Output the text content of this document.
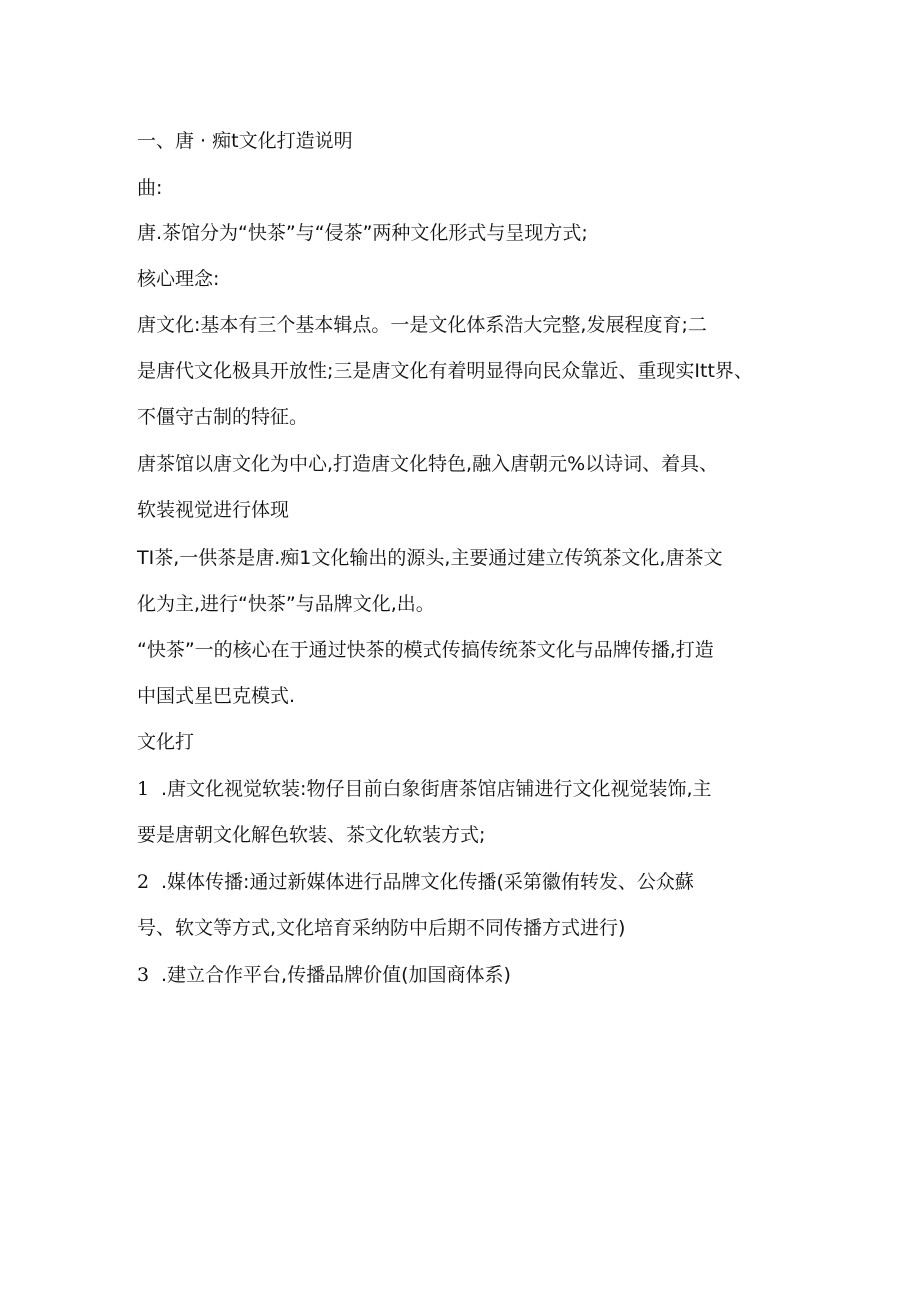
一、唐 · 痴t文化打造说明
曲:
唐.茶馆分为“快茶”与“侵茶”两种文化形式与呈现方式;
核心理念:
唐文化:基本有三个基本辑点。一是文化体系浩大完整,发展程度育;二
是唐代文化极具开放性;三是唐文化有着明显得向民众靠近、重现实Itt界、
不僵守古制的特征。
唐茶馆以唐文化为中心,打造唐文化特色,融入唐朝元%以诗词、着具、
软装视觉进行体现
TI茶,一供茶是唐.痴1文化输出的源头,主要通过建立传筑茶文化,唐茶文
化为主,进行“快茶”与品牌文化,出。
“快茶”一的核心在于通过快茶的模式传搞传统茶文化与品牌传播,打造
中国式星巴克模式.
文化打
1 .唐文化视觉软装:物仔目前白象街唐茶馆店铺进行文化视觉装饰,主
要是唐朝文化解色软装、茶文化软装方式;
2 .媒体传播:通过新媒体进行品牌文化传播(采第徽侑转发、公众蘇
号、软文等方式,文化培育采纳防中后期不同传播方式进行)
3 .建立合作平台,传播品牌价值(加国商体系)
